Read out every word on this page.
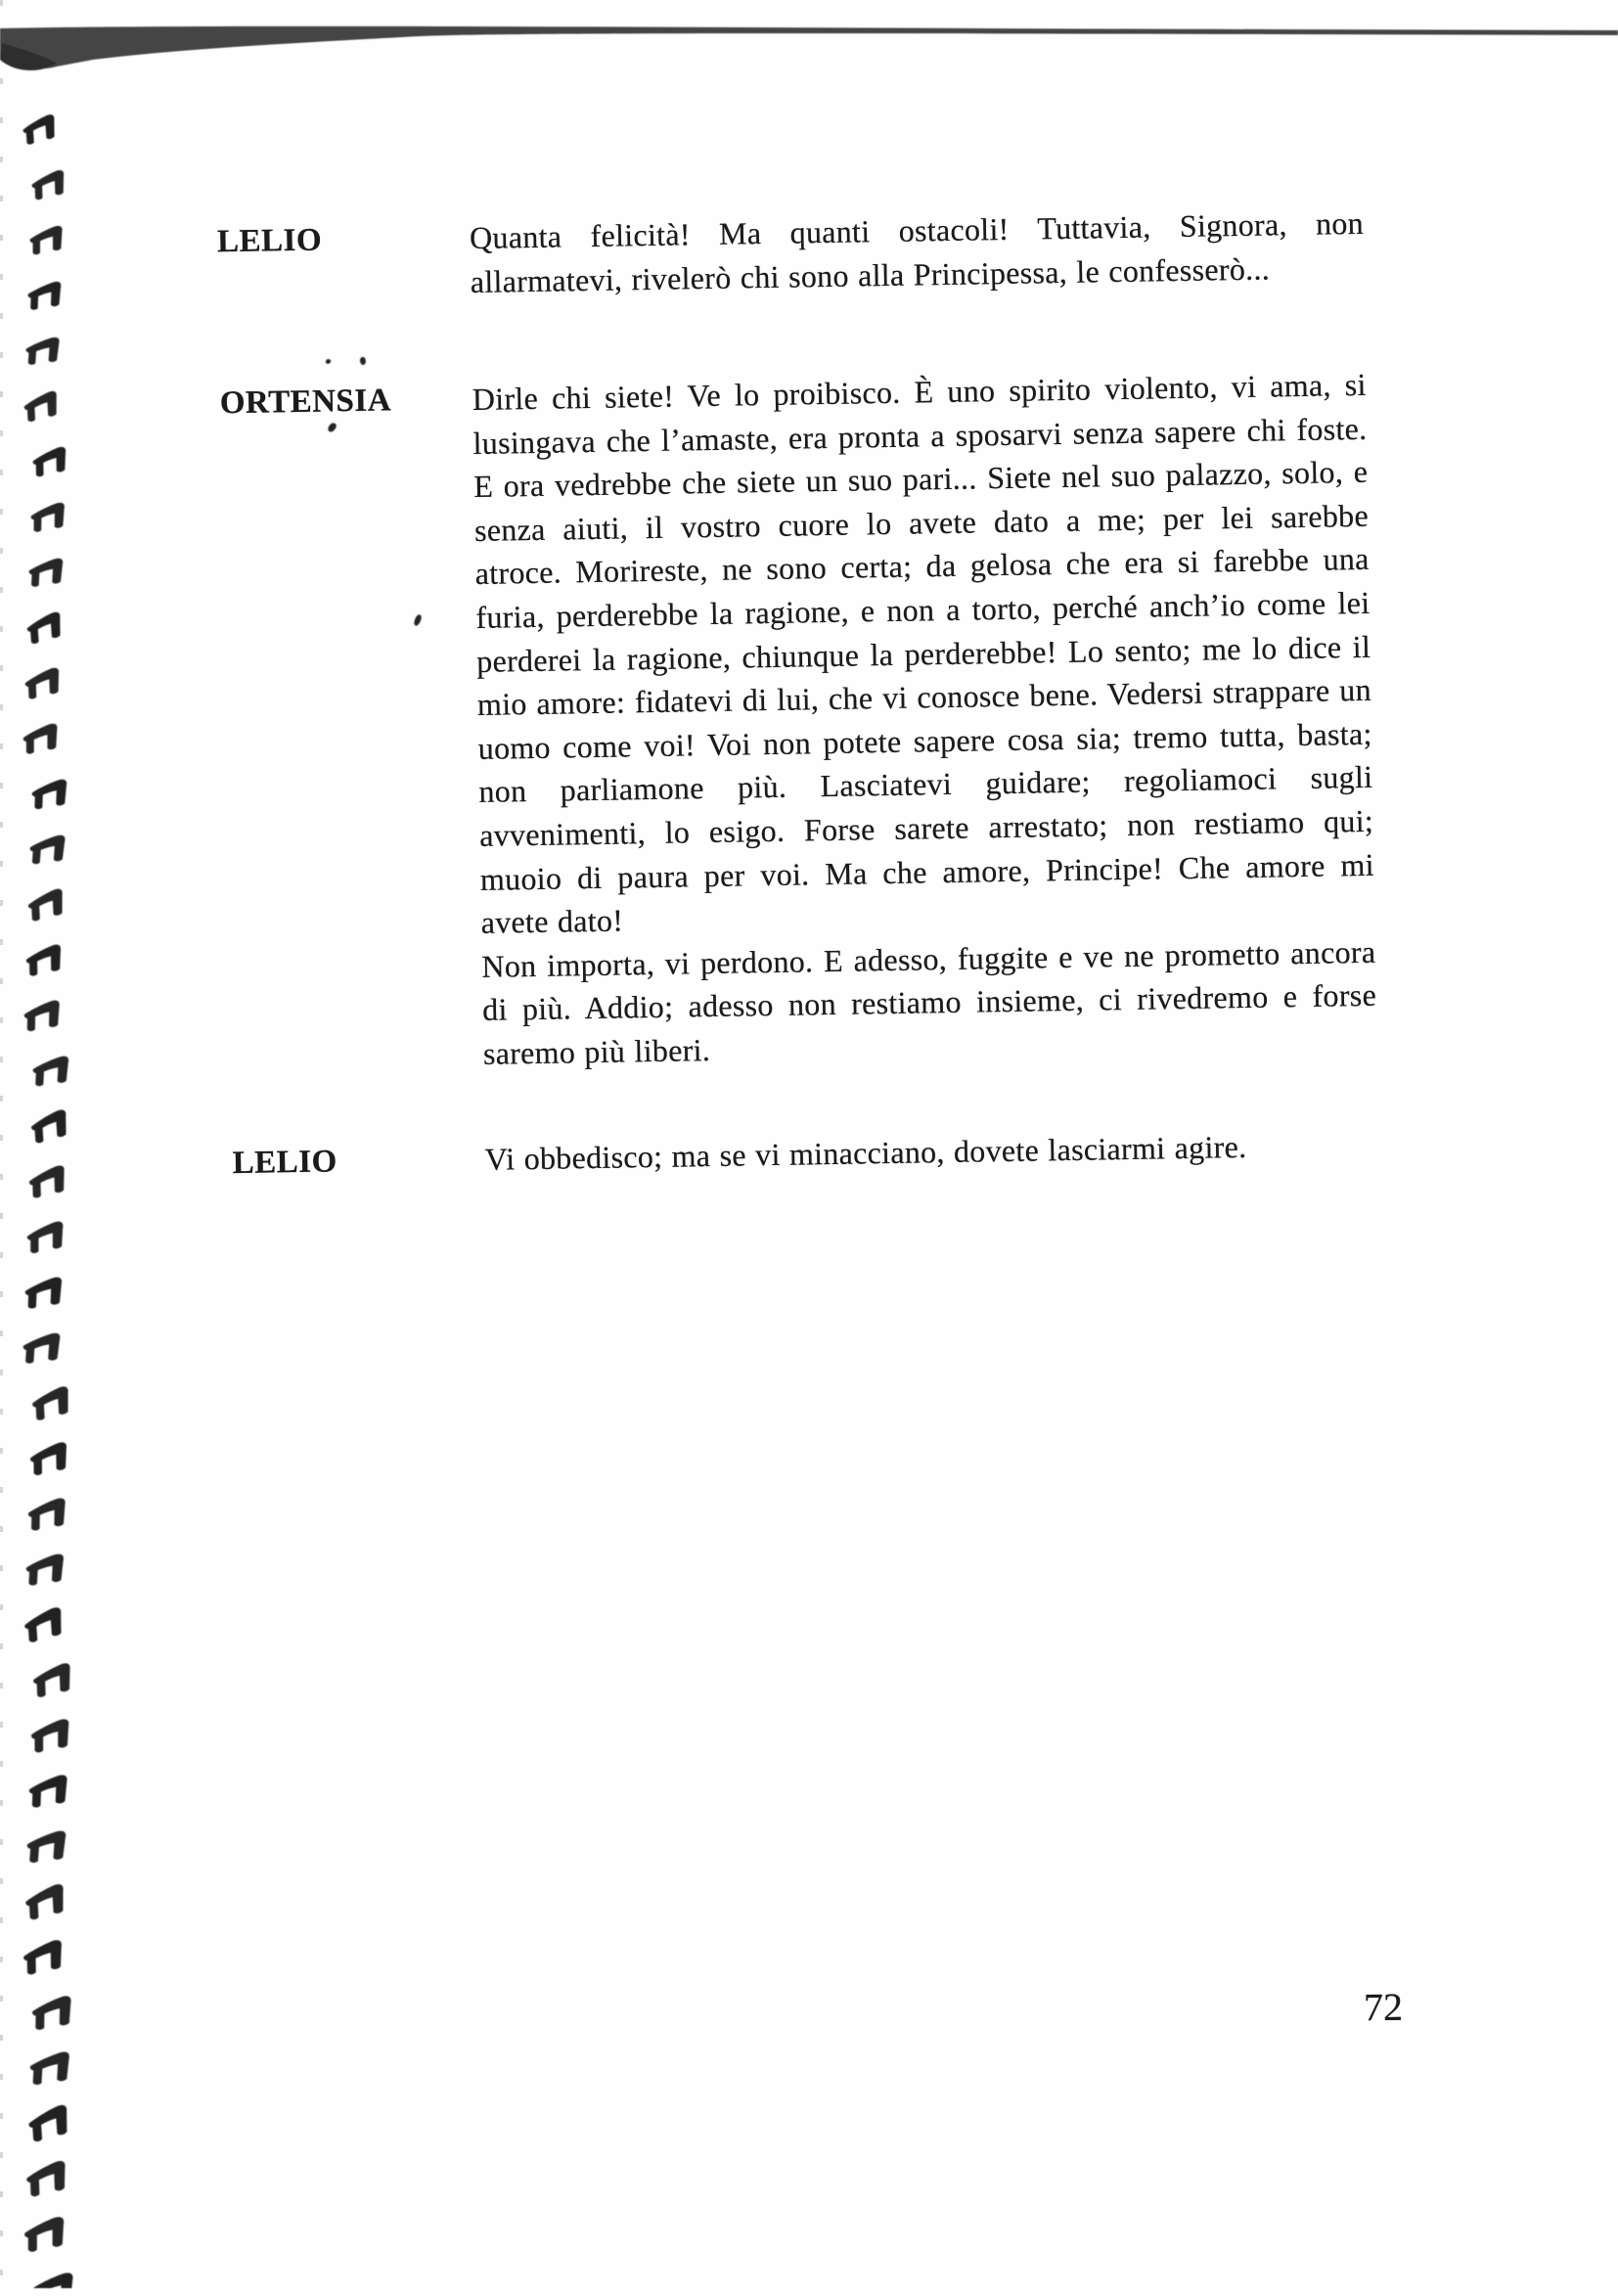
LELIO	Quanta felicità! Ma quanti ostacoli! Tuttavia, Signora, non
allarmatevi, rivelerò chi sono alla Principessa, le confesserò...
ORTENSIA	Dirle chi siete! Ve lo proibisco. È uno spirito violento, vi ama, si
lusingava che l’amaste, era pronta a sposarvi senza sapere chi foste.
E ora vedrebbe che siete un suo pari... Siete nel suo palazzo, solo, e
senza aiuti, il vostro cuore lo avete dato a me; per lei sarebbe
atroce. Morireste, ne sono certa; da gelosa che era si farebbe una
furia, perderebbe la ragione, e non a torto, perché anch’io come lei
perderei la ragione, chiunque la perderebbe! Lo sento; me lo dice il
mio amore: fidatevi di lui, che vi conosce bene. Vedersi strappare un
uomo come voi! Voi non potete sapere cosa sia; tremo tutta, basta;
non parliamone più. Lasciatevi guidare; regoliamoci sugli
avvenimenti, lo esigo. Forse sarete arrestato; non restiamo qui;
muoio di paura per voi. Ma che amore, Principe! Che amore mi
avete dato!
Non importa, vi perdono. E adesso, fuggite e ve ne prometto ancora
di più. Addio; adesso non restiamo insieme, ci rivedremo e forse
saremo più liberi.
LELIO	Vi obbedisco; ma se vi minacciano, dovete lasciarmi agire.
72
